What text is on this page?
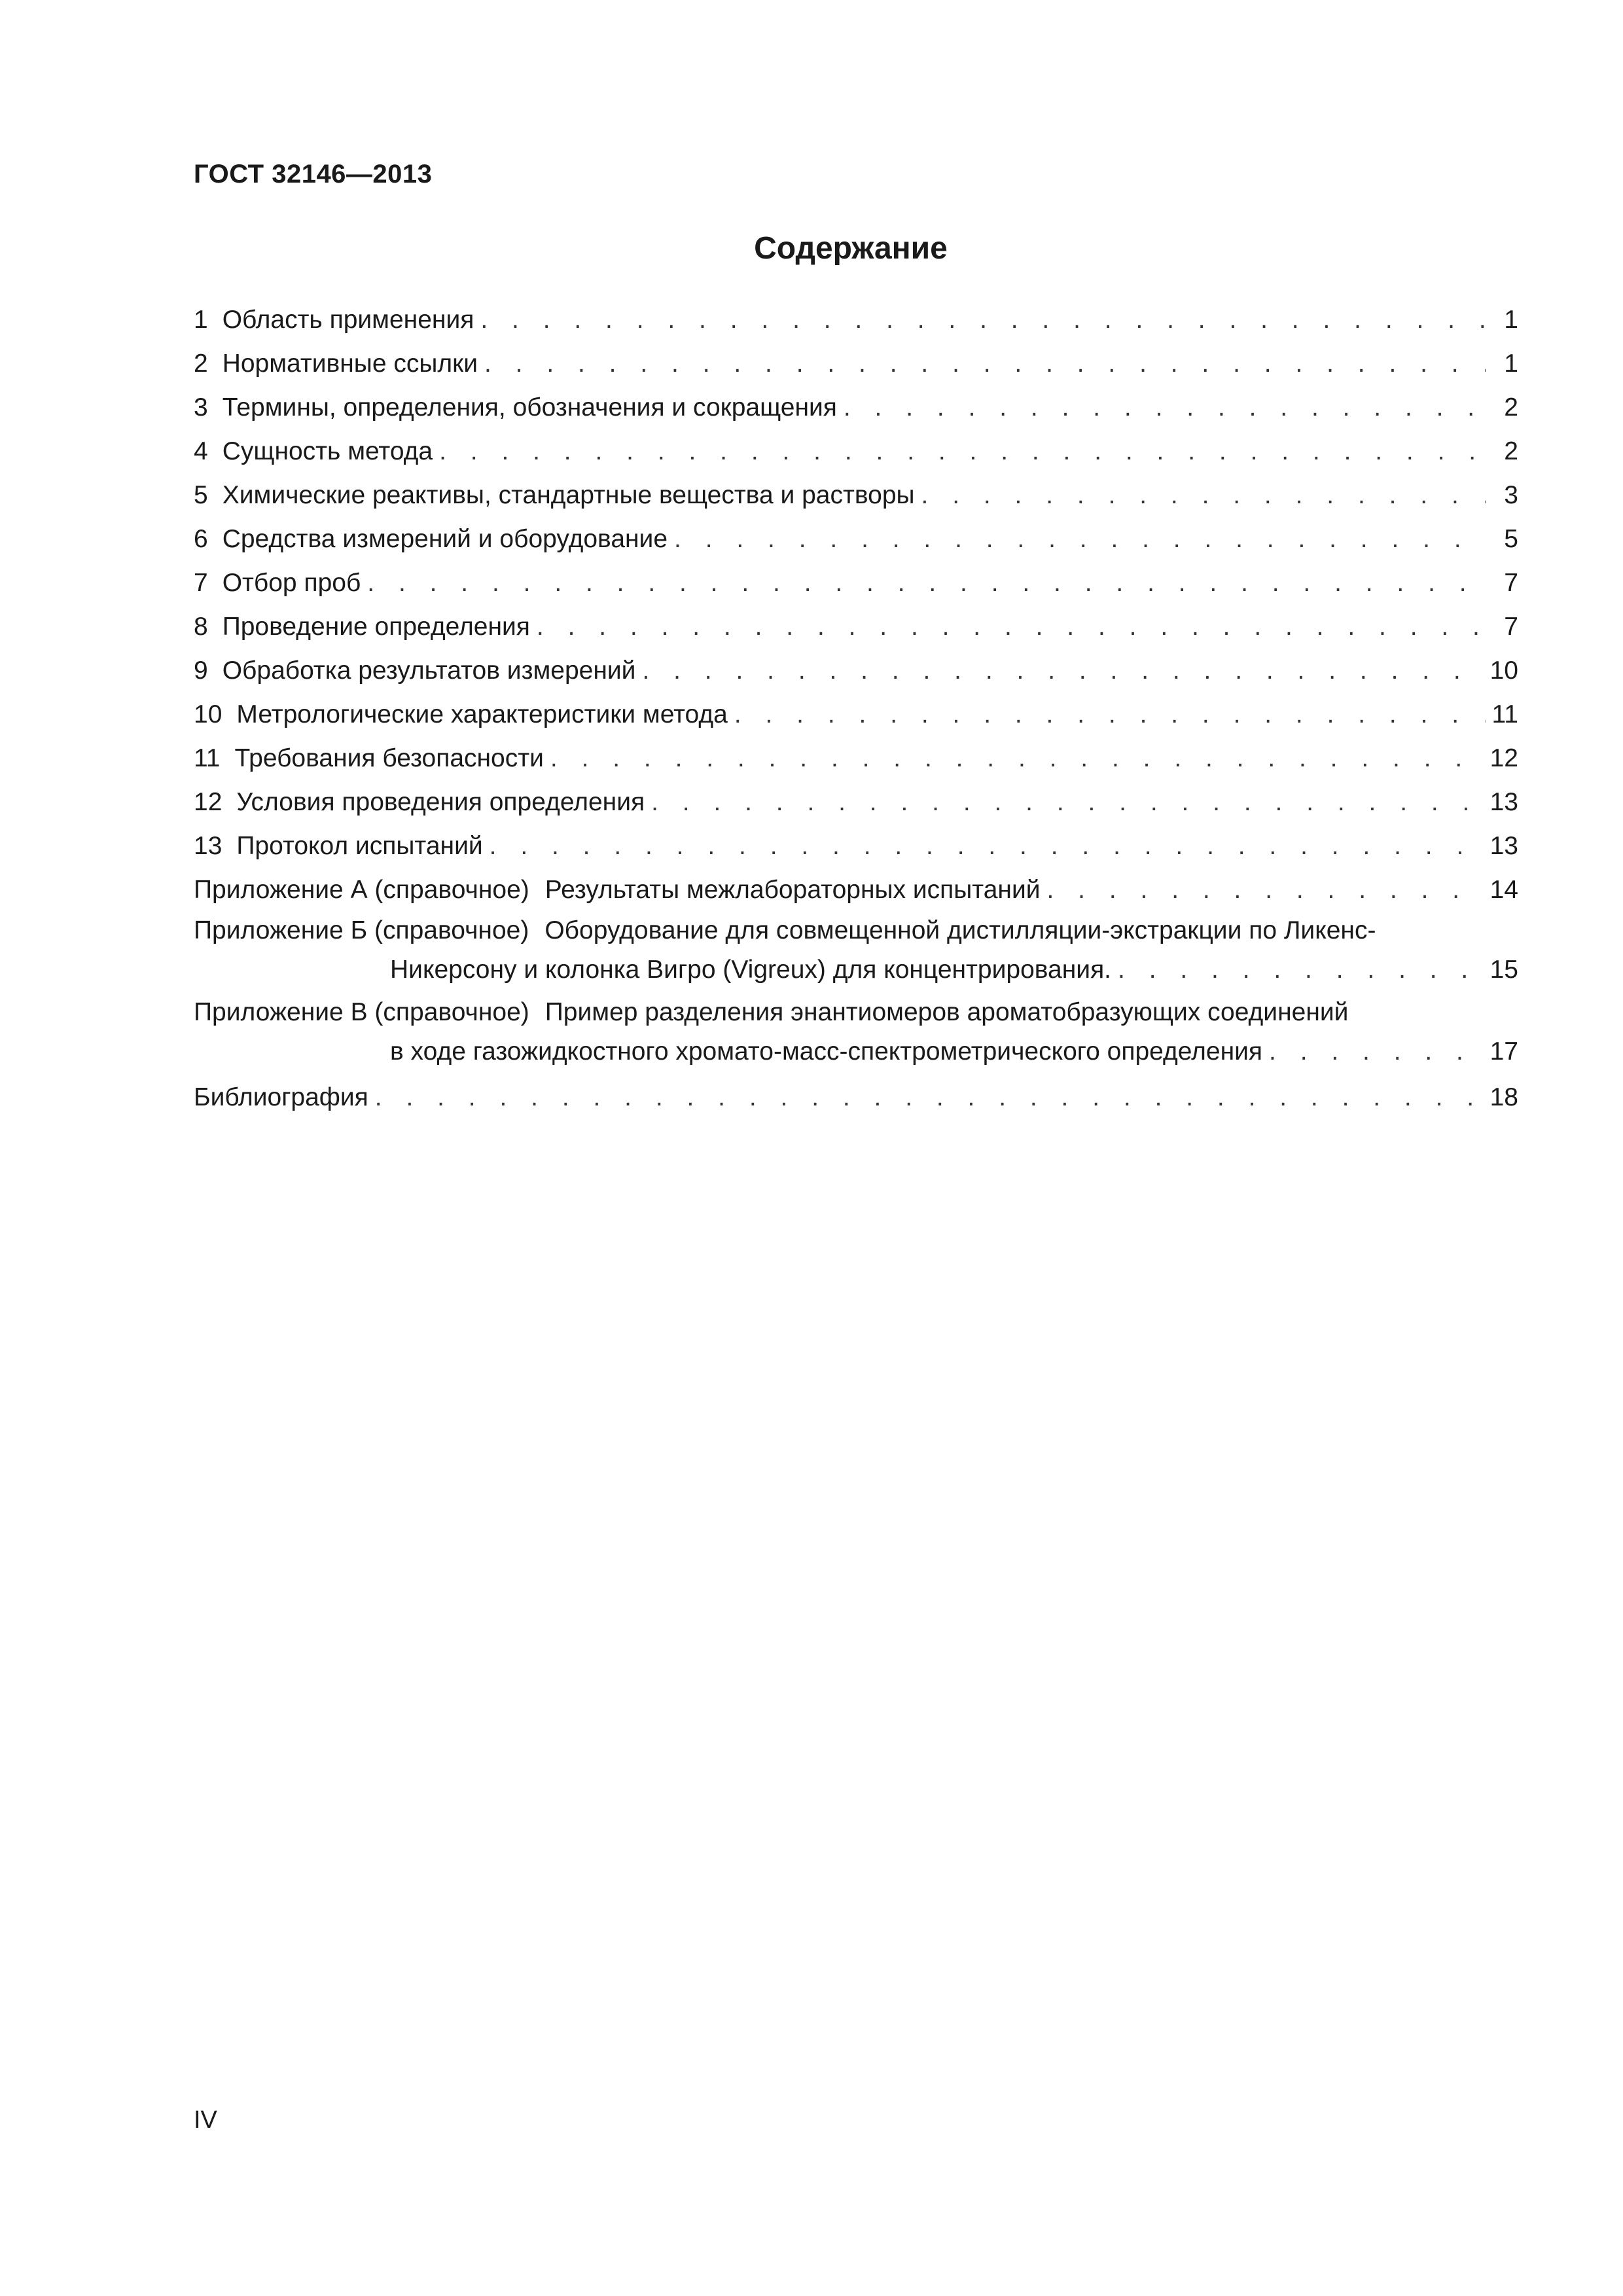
ГОСТ 32146—2013
Содержание
1 Область применения . . .	1
2 Нормативные ссылки . . .	1
3 Термины, определения, обозначения и сокращения . . .	2
4 Сущность метода . . .	2
5 Химические реактивы, стандартные вещества и растворы . . .	3
6 Средства измерений и оборудование . . .	5
7 Отбор проб . . .	7
8 Проведение определения . . .	7
9 Обработка результатов измерений . . .	10
10 Метрологические характеристики метода . . .	11
11 Требования безопасности . . .	12
12 Условия проведения определения . . .	13
13 Протокол испытаний . . .	13
Приложение А (справочное) Результаты межлабораторных испытаний . . .	14
Приложение Б (справочное) Оборудование для совмещенной дистилляции-экстракции по Ликенс-
Никерсону и колонка Вигро (Vigreux) для концентрирования. . . .	15
Приложение В (справочное) Пример разделения энантиомеров ароматобразующих соединений
в ходе газожидкостного хромато-масс-спектрометрического определения . . .	17
Библиография . . .	18
IV
